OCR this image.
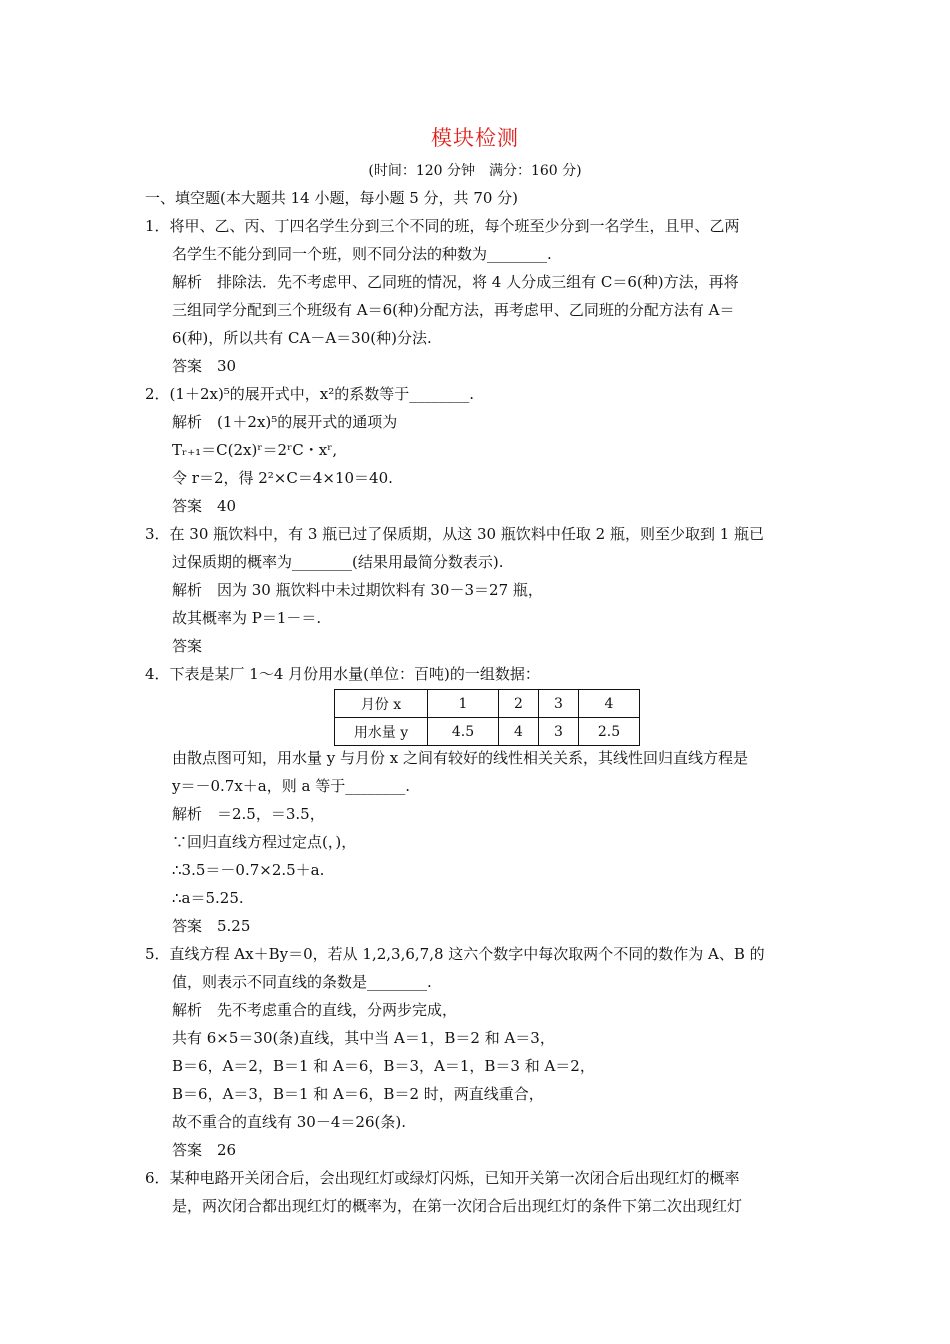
模块检测
(时间：120 分钟　满分：160 分)
一、填空题(本大题共 14 小题，每小题 5 分，共 70 分)
1．将甲、乙、丙、丁四名学生分到三个不同的班，每个班至少分到一名学生，且甲、乙两
名学生不能分到同一个班，则不同分法的种数为________.
解析　排除法．先不考虑甲、乙同班的情况，将 4 人分成三组有 C＝6(种)方法，再将
三组同学分配到三个班级有 A＝6(种)分配方法，再考虑甲、乙同班的分配方法有 A＝
6(种)，所以共有 CA－A＝30(种)分法.
答案　30
2．(1＋2x)⁵的展开式中，x²的系数等于________.
解析　(1＋2x)⁵的展开式的通项为
Tᵣ₊₁＝C(2x)ʳ＝2ʳC・xʳ,
令 r＝2，得 2²×C＝4×10＝40.
答案　40
3．在 30 瓶饮料中，有 3 瓶已过了保质期，从这 30 瓶饮料中任取 2 瓶，则至少取到 1 瓶已
过保质期的概率为________(结果用最简分数表示).
解析　因为 30 瓶饮料中未过期饮料有 30－3＝27 瓶，
故其概率为 P＝1－＝.
答案
4．下表是某厂 1～4 月份用水量(单位：百吨)的一组数据：
月份 x	1	2	3	4
用水量 y	4.5	4	3	2.5
由散点图可知，用水量 y 与月份 x 之间有较好的线性相关关系，其线性回归直线方程是
y＝－0.7x＋a，则 a 等于________.
解析　＝2.5，＝3.5，
∵回归直线方程过定点(，)，
∴3.5＝－0.7×2.5＋a.
∴a＝5.25.
答案　5.25
5．直线方程 Ax＋By＝0，若从 1,2,3,6,7,8 这六个数字中每次取两个不同的数作为 A、B 的
值，则表示不同直线的条数是________.
解析　先不考虑重合的直线，分两步完成，
共有 6×5＝30(条)直线，其中当 A＝1，B＝2 和 A＝3，
B＝6，A＝2，B＝1 和 A＝6，B＝3，A＝1，B＝3 和 A＝2，
B＝6，A＝3，B＝1 和 A＝6，B＝2 时，两直线重合，
故不重合的直线有 30－4＝26(条).
答案　26
6．某种电路开关闭合后，会出现红灯或绿灯闪烁，已知开关第一次闭合后出现红灯的概率
是，两次闭合都出现红灯的概率为，在第一次闭合后出现红灯的条件下第二次出现红灯
